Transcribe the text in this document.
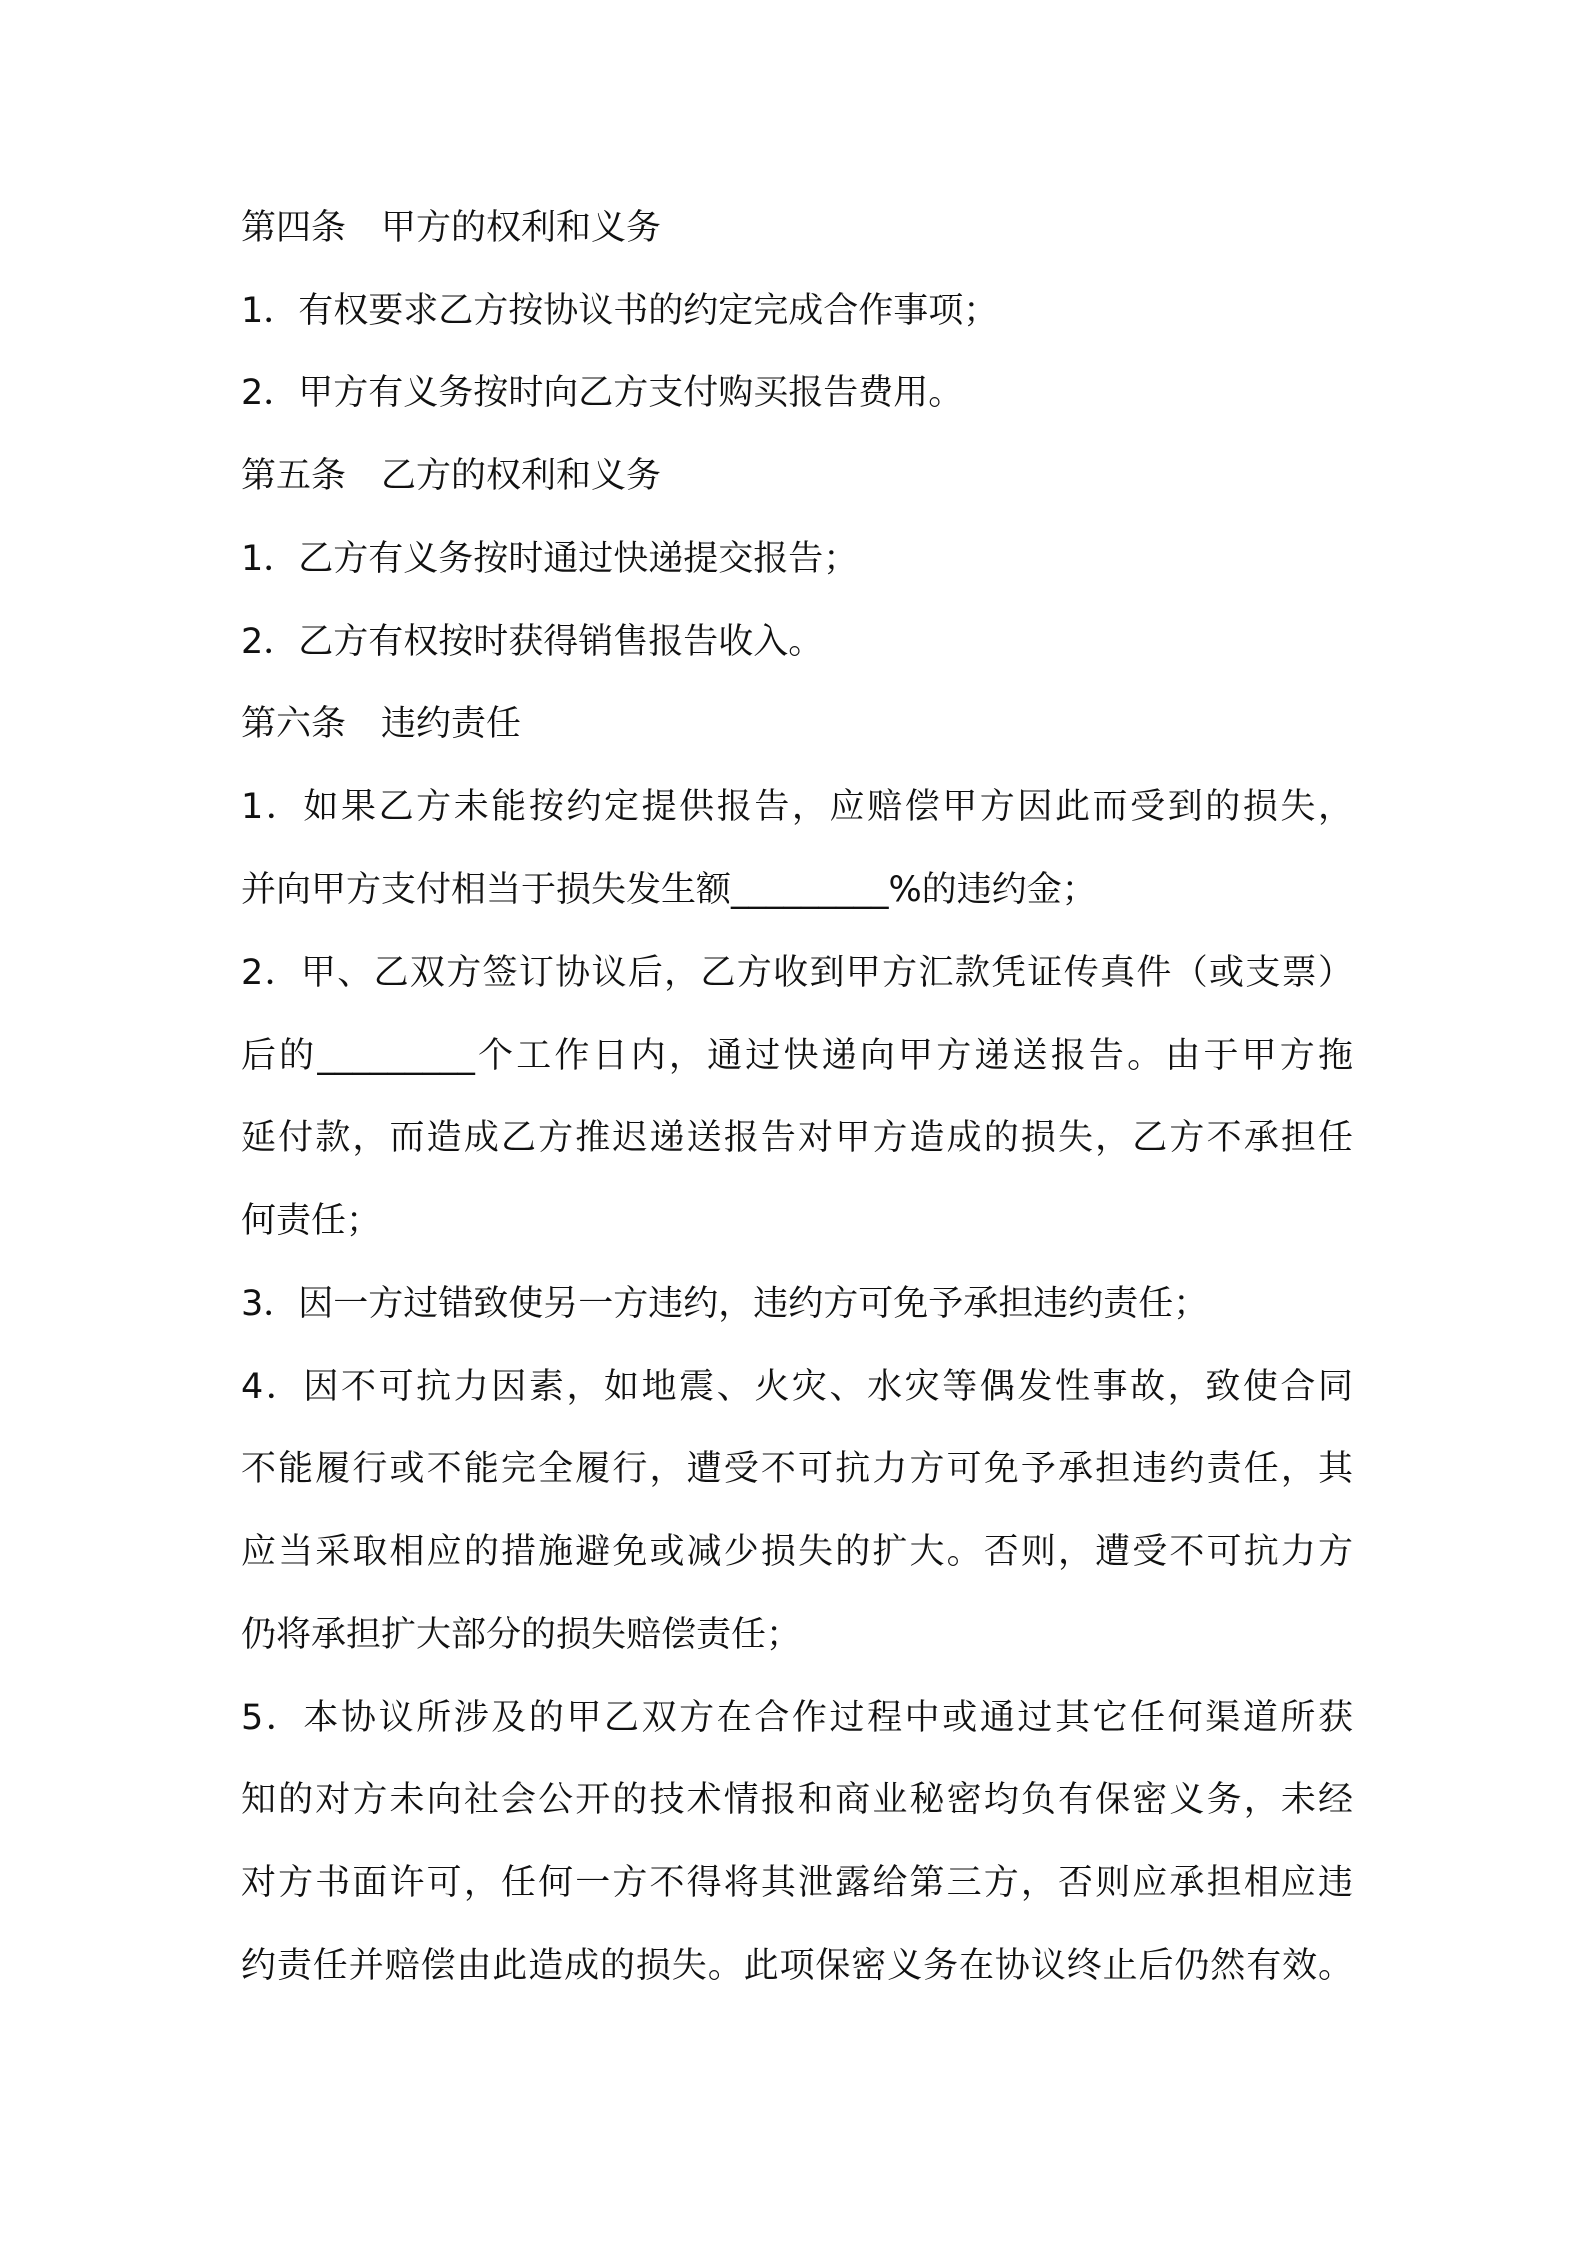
第四条　甲方的权利和义务

1．有权要求乙方按协议书的约定完成合作事项；

2．甲方有义务按时向乙方支付购买报告费用。

第五条　乙方的权利和义务

1．乙方有义务按时通过快递提交报告；

2．乙方有权按时获得销售报告收入。

第六条　违约责任

1．如果乙方未能按约定提供报告，应赔偿甲方因此而受到的损失，

并向甲方支付相当于损失发生额_________%的违约金；

2．甲、乙双方签订协议后，乙方收到甲方汇款凭证传真件（或支票）

后的_________个工作日内，通过快递向甲方递送报告。由于甲方拖

延付款，而造成乙方推迟递送报告对甲方造成的损失，乙方不承担任

何责任；

3．因一方过错致使另一方违约，违约方可免予承担违约责任；

4．因不可抗力因素，如地震、火灾、水灾等偶发性事故，致使合同

不能履行或不能完全履行，遭受不可抗力方可免予承担违约责任，其

应当采取相应的措施避免或减少损失的扩大。否则，遭受不可抗力方

仍将承担扩大部分的损失赔偿责任；

5．本协议所涉及的甲乙双方在合作过程中或通过其它任何渠道所获

知的对方未向社会公开的技术情报和商业秘密均负有保密义务，未经

对方书面许可，任何一方不得将其泄露给第三方，否则应承担相应违

约责任并赔偿由此造成的损失。此项保密义务在协议终止后仍然有效。
